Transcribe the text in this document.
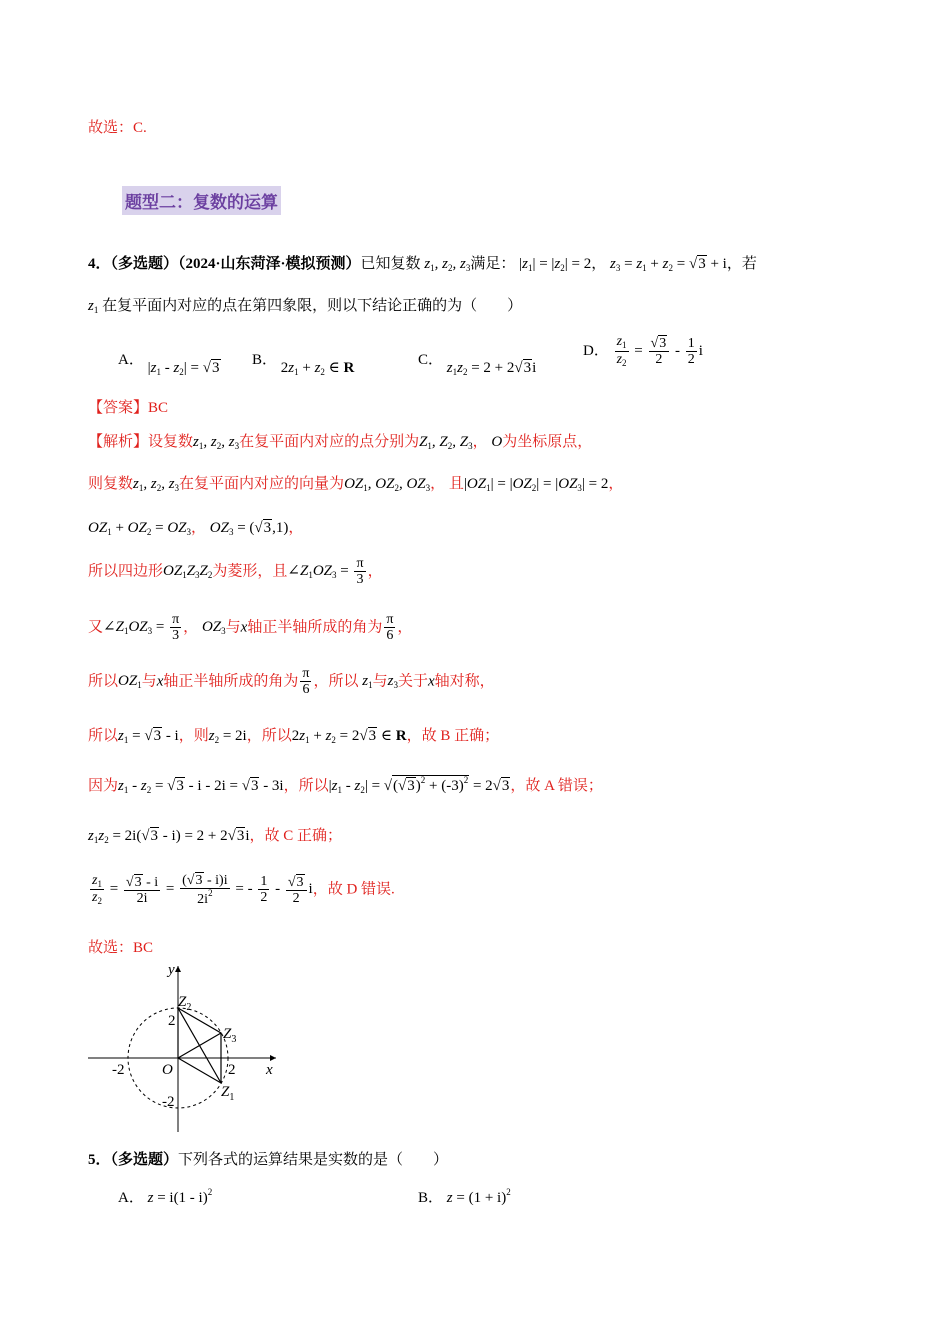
故选：C.
题型二：复数的运算
4．（多选题）（2024·山东菏泽·模拟预测）已知复数 $z_1$, $z_2$, $z_3$满足： $|z_1| = |z_2| = 2$， $z_3 = z_1 + z_2 = √3 + i$，若
$z_1$ 在复平面内对应的点在第四象限，则以下结论正确的为（　　）
A． $|z_1 - z_2| = √3$ B． $2z_1 + z_2$ ∈ R	C． $z_1z_2 = 2 + 2√3i$
D． $\frac{z_1}{z_2} = \frac{√3}{2} - \frac{1}{2}$ i
【答案】BC
【解析】设复数$z_1$, $z_2$, $z_3$在复平面内对应的点分别为$Z_1$, $Z_2$, $Z_3$， O为坐标原点，
则复数$z_1$, $z_2$, $z_3$在复平面内对应的向量为$OZ_1$, $OZ_2$, $OZ_3$， 且$|OZ_1| = |OZ_2| = |OZ_3| = 2$，
$OZ_1 + OZ_2 = OZ_3$， $OZ_3 = (√3,1)$，
所以四边形$OZ_1Z_3Z_2$为菱形，且$\angle Z_1OZ_3 = \frac{\pi}{3}$ ，
又$\angle Z_1OZ_3 = \frac{\pi}{3}$ ， $OZ_3$与x轴正半轴所成的角为 $\frac{\pi}{6}$ ，
所以$OZ_1$与x轴正半轴所成的角为 $\frac{\pi}{6}$ ，所以 $z_1$与$z_3$关于x轴对称，
所以$z_1 = √3 - i$，则$z_2 = 2i$，所以$2z_1 + z_2 = 2√3$ ∈ R，故 B 正确；
因为$z_1 - z_2 = √3 - i - 2i = √3 - 3i$，所以$|z_1 - z_2| = √(√3)^2 + (-3)^2 = 2√3$，故 A 错误；
$z_1z_2 = 2i(√3 - i) = 2 + 2√3i$，故 C 正确；
$\frac{z_1}{z_2} = \frac{√3 - i}{2i} = \frac{(√3 - i)i}{2i^2}$ = - $\frac{1}{2} - \frac{√3}{2}$ i，故 D 错误.
故选：BC
y
x
O
2
-2
2
-2
$Z_2$
$Z_3$
$Z_1$
5．（多选题）下列各式的运算结果是实数的是（　　）
A． z = i(1 - i)$^2$	B． $z = (1 + i)^2$
